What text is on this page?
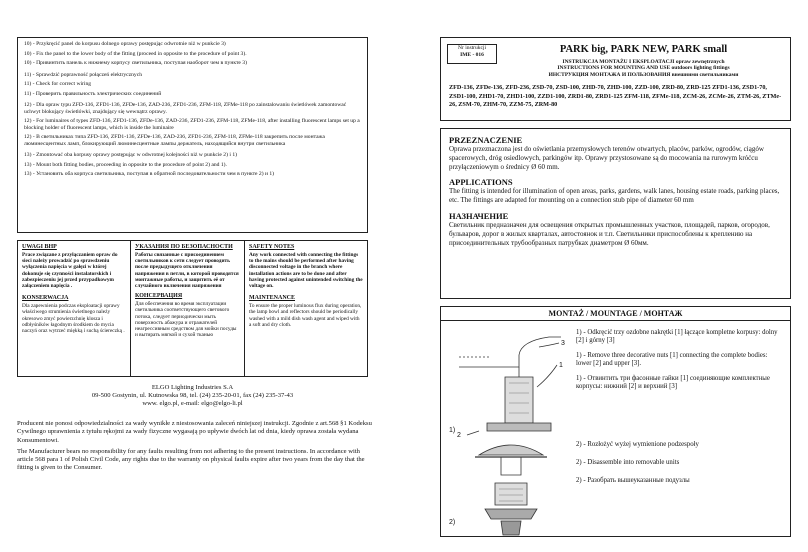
10) - Przykręcić panel do korpusu dolnego oprawy postępując odwrotnie niż w punkcie 3)

10) - Fix the panel to the lower body of the fitting (proceed in opposite to the procedure of point 3).

10) - Привинтить панель к нижнему корпусу светильника, поступая наоборот чем в пункте 3)

11) - Sprawdzić poprawność połączeń elektrycznych

11) - Check for correct wiring

11) - Проверить правильность электрических соединений

12) - Dla opraw typu ZFD-136, ZFD1-136, ZFDe-136, ZAD-236, ZFD1-236, ZFM-118, ZFMe-118 po zainstalowaniu świetlówek zamontować uchwyt blokujący świetlówki, znajdujący się wewnątrz oprawy.

12) - For luminaires of types ZFD-136, ZFD1-136, ZFDe-136, ZAD-236, ZFD1-236, ZFM-118, ZFMe-118, after installing fluorescent lamps set up a blocking holder of fluorescent lamps, which is inside the luminaire

12) - В светильниках типа ZFD-136, ZFD1-136, ZFDe-136, ZAD-236, ZFD1-236, ZFM-118, ZFMe-118 закрепить после монтажа люминесцентных ламп, блокирующий люминесцентные лампы держатель, находящийся внутри светильника

13) - Zmontować oba korpusy oprawy postępując w odwrotnej kolejności niż w punkcie 2) i 1)

13) - Mount both fitting bodies, proceeding in opposite to the procedure of point 2) and 1).

13) - Установить оба корпуса светильника, поступая в обратной последовательности чем в пункте 2) и 1)

UWAGI BHP
Prace związane z przyłączaniem opraw do sieci należy prowadzić po sprawdzeniu wyłączenia napięcia w gałęzi w której dokonuje się czynności instalatorskich i zabezpieczeniu jej przed przypadkowym załączeniem napięcia .
KONSERWACJA
Dla zapewnienia podczas eksploatacji oprawy właściwego strumienia świetlnego należy okresowo zmyć powierzchnię klosza i odbłyśników łagodnym środkiem do mycia naczyń oraz wytrzeć miękką i suchą ściereczką .
УКАЗАНИЯ ПО БЕЗОПАСНОСТИ
Работы связанные с присоединением светильников к сети следует проводить после предыдущего отключения напряжения в петли, в которой проводятся монтажные работы, и защитить её от случайного включения напряжения
КОНСЕРВАЦИЯ
Для обеспечения во время эксплуатации светильника соответствующего светового потока, следует периодически мыть поверхность абажура и отражателей неагрессивным средством для мойки посуды и вытирать мягкой и сухой тканью
SAFETY NOTES
Any work connected with connecting the fittings to the mains should be performed after having disconnected voltage in the branch where installation actions are to be done and after having protected against unintended switching the voltage on.
MAINTENANCE
To ensure the proper luminous flux during operation, the lamp bowl and reflectors should be periodically washed with a mild dish wash agent and wiped with a soft and dry cloth.
ELGO Lighting Industries S.A
09-500 Gostynin, ul. Kutnowska 98, tel. (24) 235-20-01, fax (24) 235-37-43
www. elgo.pl, e-mail: elgo@elgo-li.pl

Producent nie ponosi odpowiedzialności za wady wynikłe z niestosowania zaleceń niniejszej instrukcji. Zgodnie z art.568 §1 Kodeksu Cywilnego uprawnienia z tytułu rękojmi za wady fizyczne wygasają po upływie dwóch lat od dnia, kiedy oprawa została wydana Konsumentowi.

The Manufacturer bears no responsibility for any faults resulting from not adhering to the present instructions. In accordance with article 568 para 1 of Polish Civil Code, any rights due to the warranty on physical faults expire after two years from the day that the fitting is given to the Consumer.

Nr instrukcji
IME - 016	PARK big, PARK NEW, PARK small
INSTRUKCJA MONTAŻU I EKSPLOATACJI opraw zewnętrznych
INSTRUCTIONS FOR MOUNTING AND USE outdoors lighting fittings
ИНСТРУКЦИЯ МОНТАЖА И ПОЛЬЗОВАНИЯ внешними светильниками
ZFD-136, ZFDe-136, ZFD-236, ZSD-70, ZSD-100, ZHD-70, ZHD-100, ZZD-100, ZRD-80, ZRD-125 ZFD1-136, ZSD1-70, ZSD1-100, ZHD1-70, ZHD1-100, ZZD1-100, ZRD1-80, ZRD1-125 ZFM-118, ZFMe-118, ZCM-26, ZCMe-26, ZTM-26, ZTMe-26, ZSM-70, ZHM-70, ZZM-75, ZRM-80
PRZEZNACZENIE

Oprawa przeznaczona jest do oświetlania przemysłowych terenów otwartych, placów, parków, ogrodów, ciągów spacerowych, dróg osiedlowych, parkingów itp. Oprawy przystosowane są do mocowania na rurowym króćcu przyłączeniowym o średnicy Ø 60 mm.

APPLICATIONS

The fitting is intended for illumination of open areas, parks, gardens, walk lanes, housing estate roads, parking places, etc. The fittings are adapted for mounting on a connection stub pipe of diameter 60 mm

НАЗНАЧЕНИЕ

Светильник предназначен для освещения открытых промышленных участков, площадей, парков, огородов, бульваров, дорог в жилых кварталах, автостоянок и т.п. Светильники приспособлены к креплению на присоединительных трубообразных патрубках диаметром Ø 60мм.

MONTAŻ / MOUNTAGE / МОНТАЖ
3
1
2

1) - Odkręcić trzy ozdobne nakrętki [1] łączące kompletne korpusy: dolny [2] i górny [3]

1) - Remove three decorative nuts [1] connecting the complete bodies: lower [2] and upper [3].

1) - Отвинтить три фасонные гайки [1] соединяющие комплектные корпусы: нижний [2] и верхний [3]

1)
2)

2) - Rozłożyć wyżej wymienione podzespoły

2) - Disassemble into removable units

2) - Разобрать вышеуказанные подузлы
